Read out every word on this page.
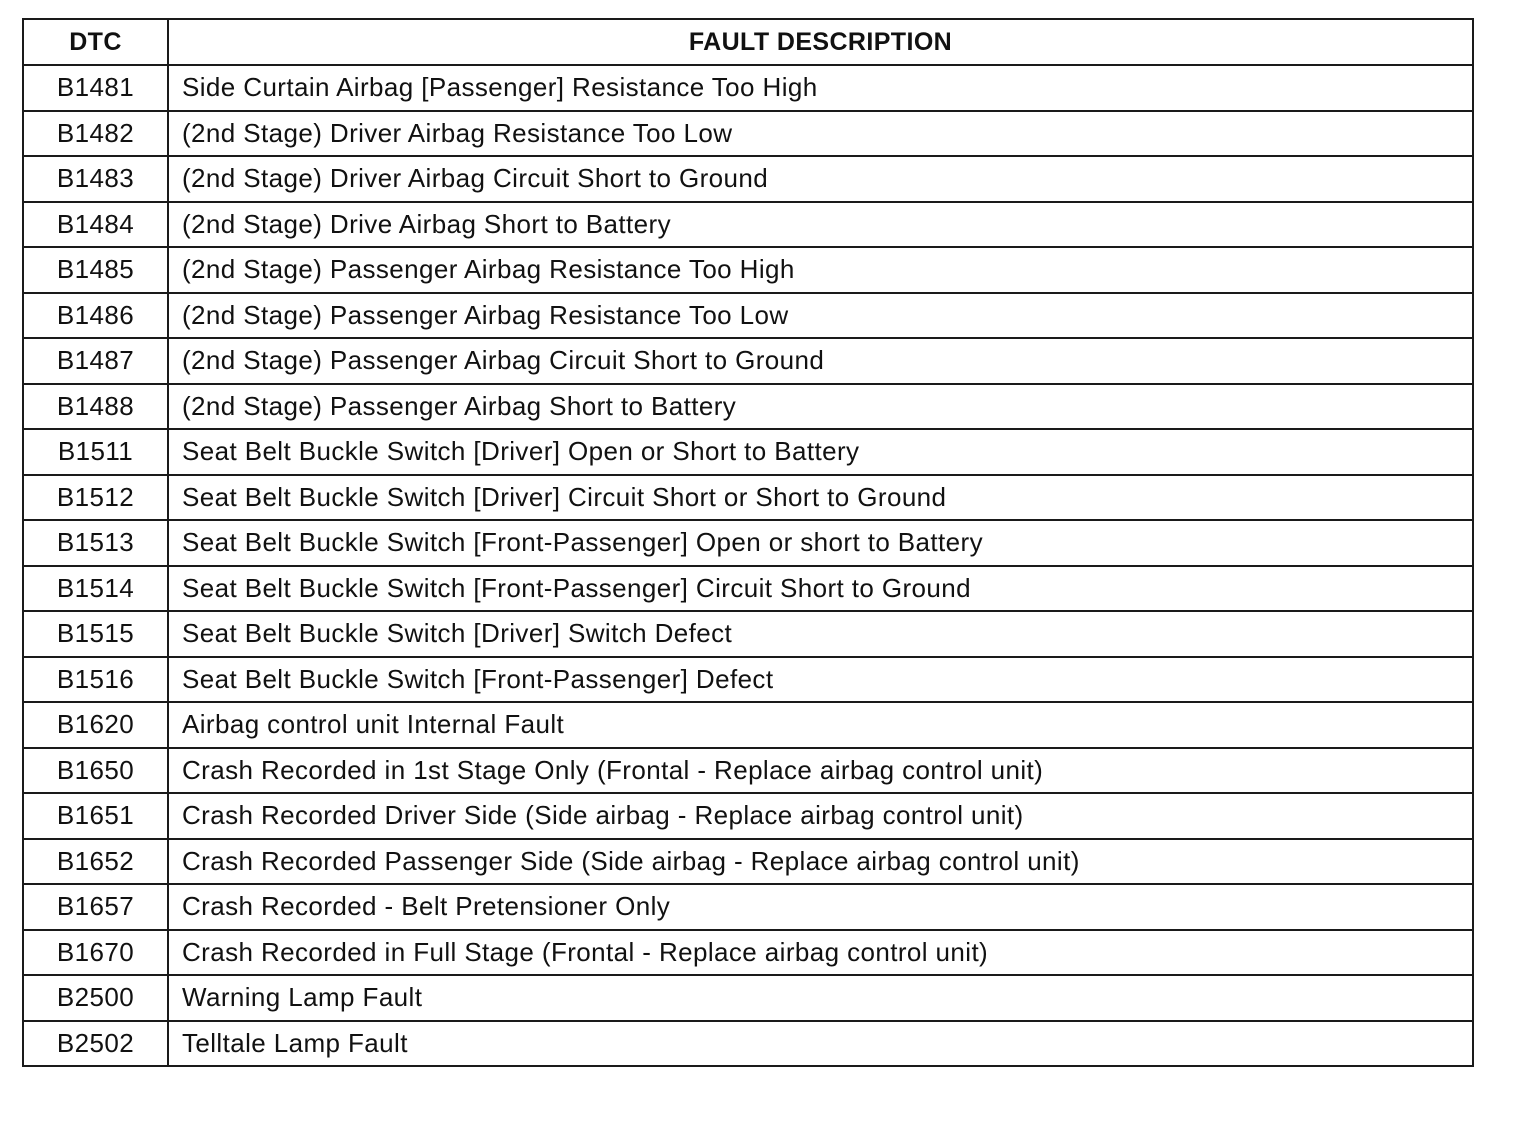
DTC	FAULT DESCRIPTION
B1481	Side Curtain Airbag [Passenger] Resistance Too High
B1482	(2nd Stage) Driver Airbag Resistance Too Low
B1483	(2nd Stage) Driver Airbag Circuit Short to Ground
B1484	(2nd Stage) Drive Airbag Short to Battery
B1485	(2nd Stage) Passenger Airbag Resistance Too High
B1486	(2nd Stage) Passenger Airbag Resistance Too Low
B1487	(2nd Stage) Passenger Airbag Circuit Short to Ground
B1488	(2nd Stage) Passenger Airbag Short to Battery
B1511	Seat Belt Buckle Switch [Driver] Open or Short to Battery
B1512	Seat Belt Buckle Switch [Driver] Circuit Short or Short to Ground
B1513	Seat Belt Buckle Switch [Front-Passenger] Open or short to Battery
B1514	Seat Belt Buckle Switch [Front-Passenger] Circuit Short to Ground
B1515	Seat Belt Buckle Switch [Driver] Switch Defect
B1516	Seat Belt Buckle Switch [Front-Passenger] Defect
B1620	Airbag control unit Internal Fault
B1650	Crash Recorded in 1st Stage Only (Frontal - Replace airbag control unit)
B1651	Crash Recorded Driver Side (Side airbag - Replace airbag control unit)
B1652	Crash Recorded Passenger Side (Side airbag - Replace airbag control unit)
B1657	Crash Recorded - Belt Pretensioner Only
B1670	Crash Recorded in Full Stage (Frontal - Replace airbag control unit)
B2500	Warning Lamp Fault
B2502	Telltale Lamp Fault
